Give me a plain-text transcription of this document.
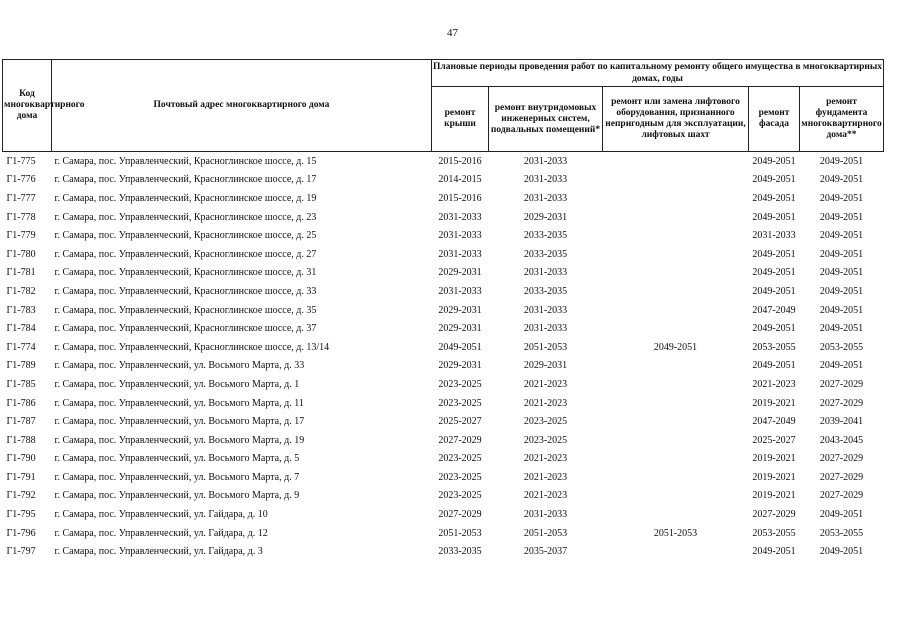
47
Код многоквартирного дома	Почтовый адрес многоквартирного дома	Плановые периоды проведения работ по капитальному ремонту общего имущества в многоквартирных домах, годы				
		ремонт крыши	ремонт внутридомовых инженерных систем, подвальных помещений*	ремонт или замена лифтового оборудования, признанного непригодным для эксплуатации, лифтовых шахт	ремонт фасада	ремонт фундамента многоквартирного дома**
Г1-775	г. Самара, пос. Управленческий, Красноглинское шоссе, д. 15	2015-2016	2031-2033		2049-2051	2049-2051
Г1-776	г. Самара, пос. Управленческий, Красноглинское шоссе, д. 17	2014-2015	2031-2033		2049-2051	2049-2051
Г1-777	г. Самара, пос. Управленческий, Красноглинское шоссе, д. 19	2015-2016	2031-2033		2049-2051	2049-2051
Г1-778	г. Самара, пос. Управленческий, Красноглинское шоссе, д. 23	2031-2033	2029-2031		2049-2051	2049-2051
Г1-779	г. Самара, пос. Управленческий, Красноглинское шоссе, д. 25	2031-2033	2033-2035		2031-2033	2049-2051
Г1-780	г. Самара, пос. Управленческий, Красноглинское шоссе, д. 27	2031-2033	2033-2035		2049-2051	2049-2051
Г1-781	г. Самара, пос. Управленческий, Красноглинское шоссе, д. 31	2029-2031	2031-2033		2049-2051	2049-2051
Г1-782	г. Самара, пос. Управленческий, Красноглинское шоссе, д. 33	2031-2033	2033-2035		2049-2051	2049-2051
Г1-783	г. Самара, пос. Управленческий, Красноглинское шоссе, д. 35	2029-2031	2031-2033		2047-2049	2049-2051
Г1-784	г. Самара, пос. Управленческий, Красноглинское шоссе, д. 37	2029-2031	2031-2033		2049-2051	2049-2051
Г1-774	г. Самара, пос. Управленческий, Красноглинское шоссе, д. 13/14	2049-2051	2051-2053	2049-2051	2053-2055	2053-2055
Г1-789	г. Самара, пос. Управленческий, ул. Восьмого Марта, д. 33	2029-2031	2029-2031		2049-2051	2049-2051
Г1-785	г. Самара, пос. Управленческий, ул. Восьмого Марта, д. 1	2023-2025	2021-2023		2021-2023	2027-2029
Г1-786	г. Самара, пос. Управленческий, ул. Восьмого Марта, д. 11	2023-2025	2021-2023		2019-2021	2027-2029
Г1-787	г. Самара, пос. Управленческий, ул. Восьмого Марта, д. 17	2025-2027	2023-2025		2047-2049	2039-2041
Г1-788	г. Самара, пос. Управленческий, ул. Восьмого Марта, д. 19	2027-2029	2023-2025		2025-2027	2043-2045
Г1-790	г. Самара, пос. Управленческий, ул. Восьмого Марта, д. 5	2023-2025	2021-2023		2019-2021	2027-2029
Г1-791	г. Самара, пос. Управленческий, ул. Восьмого Марта, д. 7	2023-2025	2021-2023		2019-2021	2027-2029
Г1-792	г. Самара, пос. Управленческий, ул. Восьмого Марта, д. 9	2023-2025	2021-2023		2019-2021	2027-2029
Г1-795	г. Самара, пос. Управленческий, ул. Гайдара, д. 10	2027-2029	2031-2033		2027-2029	2049-2051
Г1-796	г. Самара, пос. Управленческий, ул. Гайдара, д. 12	2051-2053	2051-2053	2051-2053	2053-2055	2053-2055
Г1-797	г. Самара, пос. Управленческий, ул. Гайдара, д. 3	2033-2035	2035-2037		2049-2051	2049-2051
